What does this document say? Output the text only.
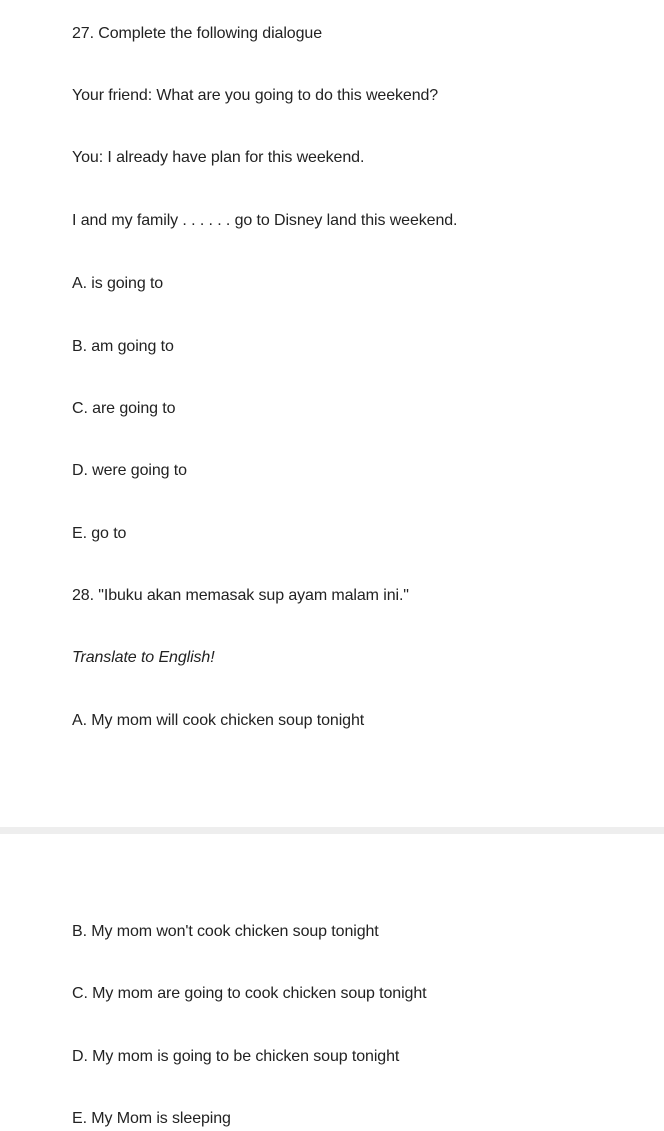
27. Complete the following dialogue
Your friend: What are you going to do this weekend?
You: I already have plan for this weekend.
I and my family . . . . . . go to Disney land this weekend.
A. is going to
B. am going to
C. are going to
D. were going to
E. go to
28. "Ibuku akan memasak sup ayam malam ini."
Translate to English!
A. My mom will cook chicken soup tonight
B. My mom won't cook chicken soup tonight
C. My mom are going to cook chicken soup tonight
D. My mom is going to be chicken soup tonight
E. My Mom is sleeping
